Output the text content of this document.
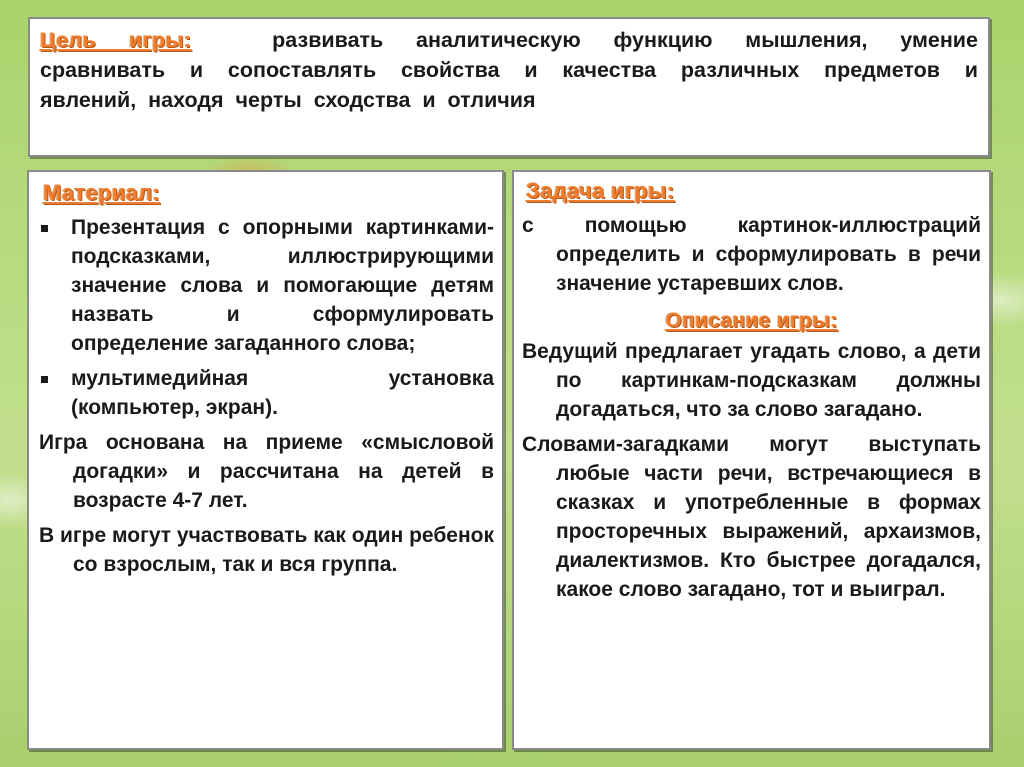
Цель игры:	развивать аналитическую функцию мышления, умение сравнивать и сопоставлять свойства и качества различных предметов и явлений, находя черты сходства и отличия
Материал:
Презентация с опорными картинками-подсказками, иллюстрирующими значение слова и помогающие детям назвать и сформулировать определение загаданного слова;
мультимедийная установка (компьютер, экран).

Игра основана на приеме «смысловой догадки» и рассчитана на детей в возрасте 4-7 лет.

В игре могут участвовать как один ребенок со взрослым, так и вся группа.

Задача игры:

с помощью картинок-иллюстраций определить и сформулировать в речи значение устаревших слов.

Описание игры:

Ведущий предлагает угадать слово, а дети по картинкам-подсказкам должны догадаться, что за слово загадано.

Словами-загадками могут выступать любые части речи, встречающиеся в сказках и употребленные в формах просторечных выражений, архаизмов, диалектизмов. Кто быстрее догадался, какое слово загадано, тот и выиграл.
